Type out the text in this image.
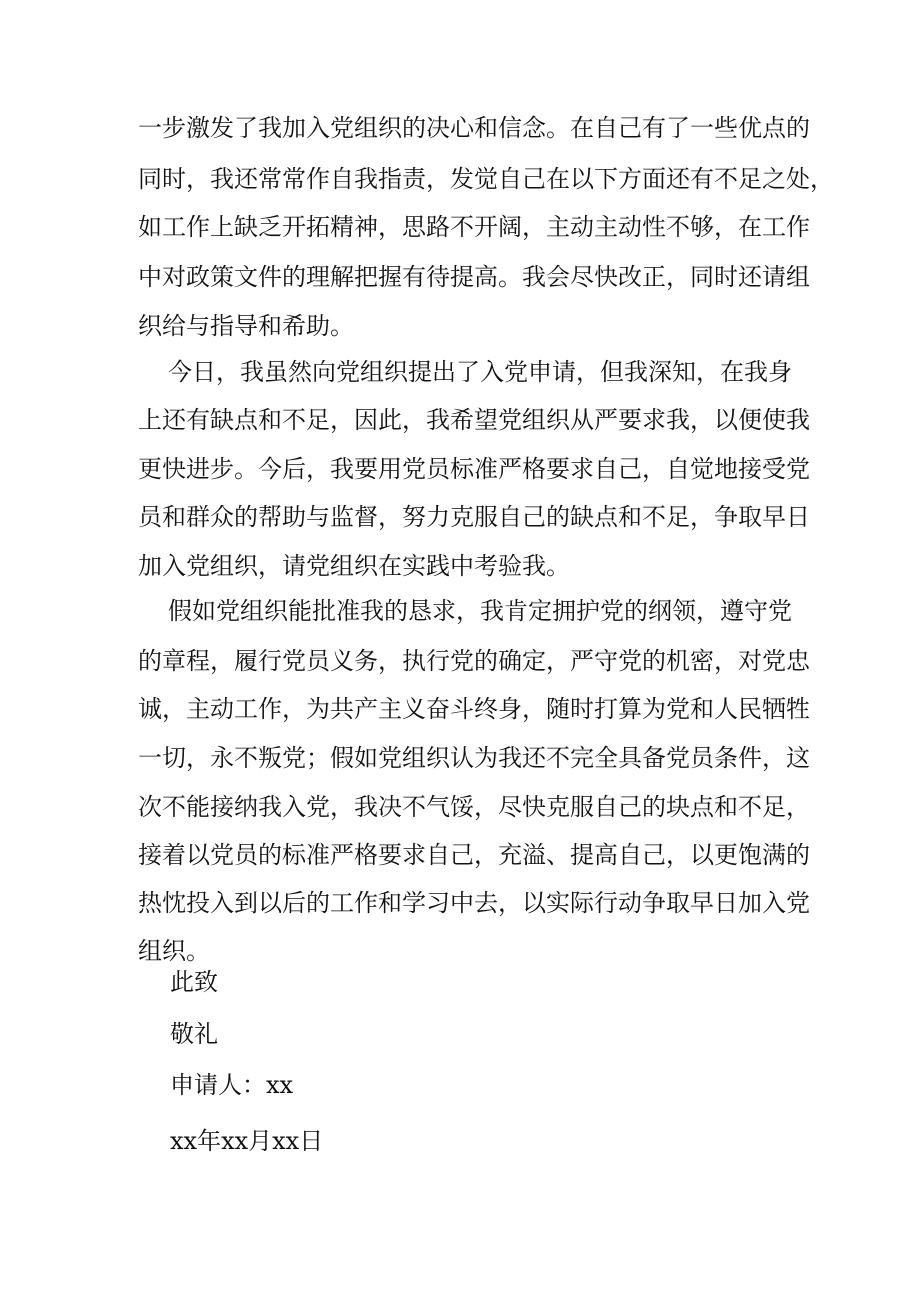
一步激发了我加入党组织的决心和信念。在自己有了一些优点的
同时，我还常常作自我指责，发觉自己在以下方面还有不足之处，
如工作上缺乏开拓精神，思路不开阔，主动主动性不够，在工作
中对政策文件的理解把握有待提高。我会尽快改正，同时还请组
织给与指导和希助。
今日，我虽然向党组织提出了入党申请，但我深知，在我身
上还有缺点和不足，因此，我希望党组织从严要求我，以便使我
更快进步。今后，我要用党员标准严格要求自己，自觉地接受党
员和群众的帮助与监督，努力克服自己的缺点和不足，争取早日
加入党组织，请党组织在实践中考验我。
假如党组织能批准我的恳求，我肯定拥护党的纲领，遵守党
的章程，履行党员义务，执行党的确定，严守党的机密，对党忠
诚，主动工作，为共产主义奋斗终身，随时打算为党和人民牺牲
一切，永不叛党；假如党组织认为我还不完全具备党员条件，这
次不能接纳我入党，我决不气馁，尽快克服自己的块点和不足，
接着以党员的标准严格要求自己，充溢、提高自己，以更饱满的
热忱投入到以后的工作和学习中去，以实际行动争取早日加入党
组织。
此致
敬礼
申请人：xx
xx年xx月xx日
